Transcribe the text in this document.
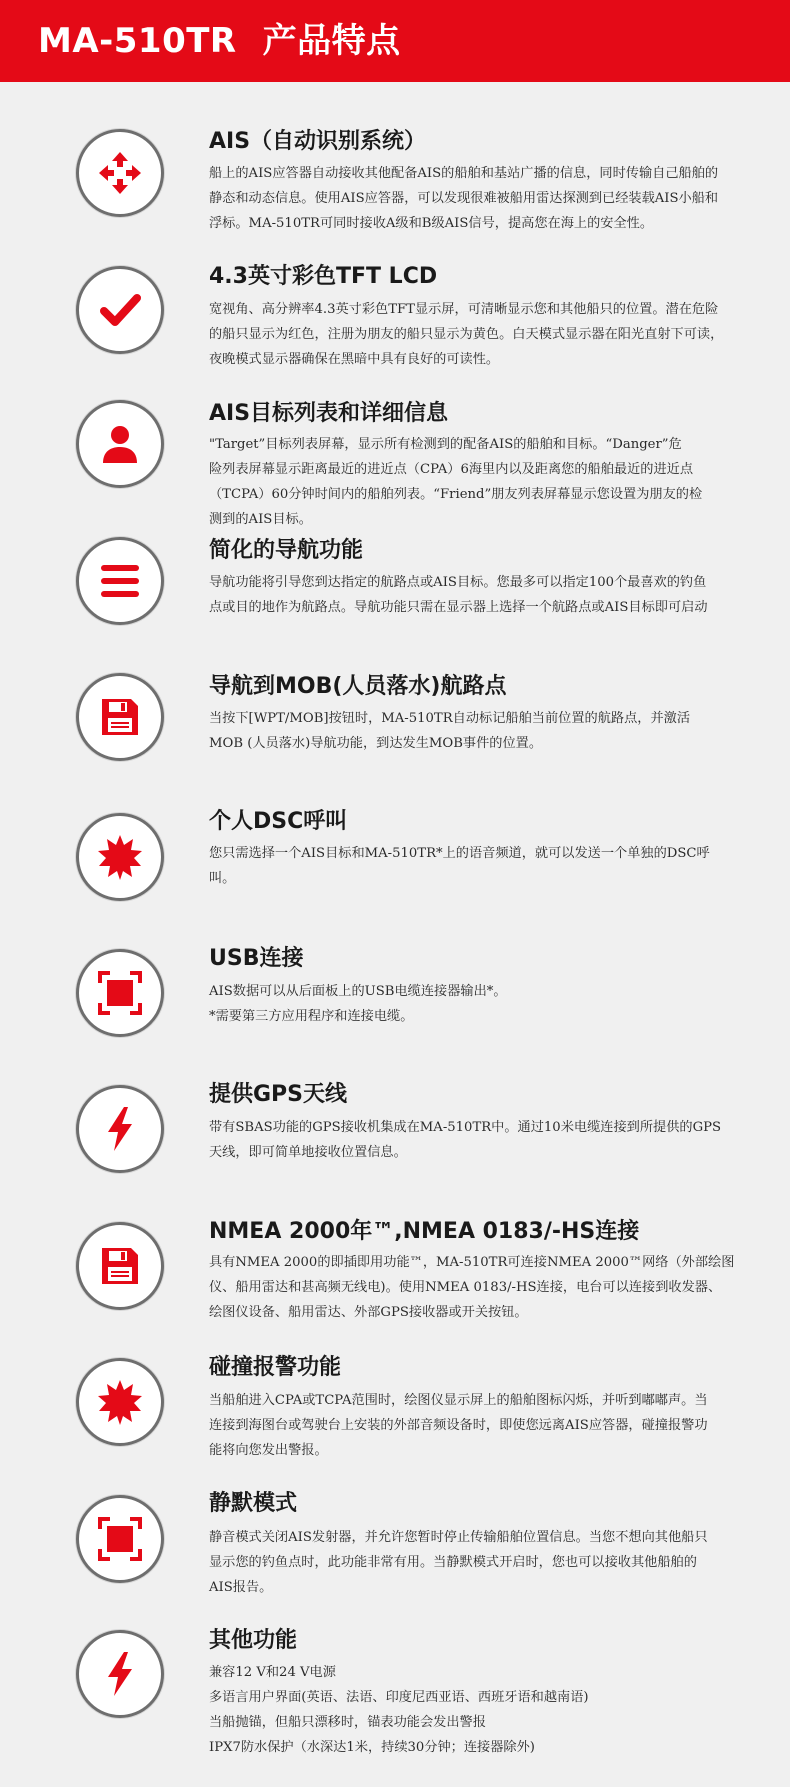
MA-510TR 产品特点
AIS（自动识别系统）
船上的AIS应答器自动接收其他配备AIS的船舶和基站广播的信息，同时传输自己船舶的
静态和动态信息。使用AIS应答器，可以发现很难被船用雷达探测到已经装载AIS小船和
浮标。MA-510TR可同时接收A级和B级AIS信号，提高您在海上的安全性。
4.3英寸彩色TFT LCD
宽视角、高分辨率4.3英寸彩色TFT显示屏，可清晰显示您和其他船只的位置。潜在危险
的船只显示为红色，注册为朋友的船只显示为黄色。白天模式显示器在阳光直射下可读，
夜晚模式显示器确保在黑暗中具有良好的可读性。
AIS目标列表和详细信息
"Target”目标列表屏幕，显示所有检测到的配备AIS的船舶和目标。“Danger”危
险列表屏幕显示距离最近的进近点（CPA）6海里内以及距离您的船舶最近的进近点
（TCPA）60分钟时间内的船舶列表。“Friend”朋友列表屏幕显示您设置为朋友的检
测到的AIS目标。
简化的导航功能
导航功能将引导您到达指定的航路点或AIS目标。您最多可以指定100个最喜欢的钓鱼
点或目的地作为航路点。导航功能只需在显示器上选择一个航路点或AIS目标即可启动
导航到MOB(人员落水)航路点
当按下[WPT/MOB]按钮时，MA-510TR自动标记船舶当前位置的航路点，并激活
MOB (人员落水)导航功能，到达发生MOB事件的位置。
个人DSC呼叫
您只需选择一个AIS目标和MA-510TR*上的语音频道，就可以发送一个单独的DSC呼
叫。
USB连接
AIS数据可以从后面板上的USB电缆连接器输出*。
*需要第三方应用程序和连接电缆。
提供GPS天线
带有SBAS功能的GPS接收机集成在MA-510TR中。通过10米电缆连接到所提供的GPS
天线，即可简单地接收位置信息。
NMEA 2000年™,NMEA 0183/-HS连接
具有NMEA 2000的即插即用功能™，MA-510TR可连接NMEA 2000™网络（外部绘图
仪、船用雷达和甚高频无线电)。使用NMEA 0183/-HS连接，电台可以连接到收发器、
绘图仪设备、船用雷达、外部GPS接收器或开关按钮。
碰撞报警功能
当船舶进入CPA或TCPA范围时，绘图仪显示屏上的船舶图标闪烁，并听到嘟嘟声。当
连接到海图台或驾驶台上安装的外部音频设备时，即使您远离AIS应答器，碰撞报警功
能将向您发出警报。
静默模式
静音模式关闭AIS发射器，并允许您暂时停止传输船舶位置信息。当您不想向其他船只
显示您的钓鱼点时，此功能非常有用。当静默模式开启时，您也可以接收其他船舶的
AIS报告。
其他功能
兼容12 V和24 V电源
多语言用户界面(英语、法语、印度尼西亚语、西班牙语和越南语)
当船抛锚，但船只漂移时，锚表功能会发出警报
IPX7防水保护（水深达1米，持续30分钟；连接器除外)
